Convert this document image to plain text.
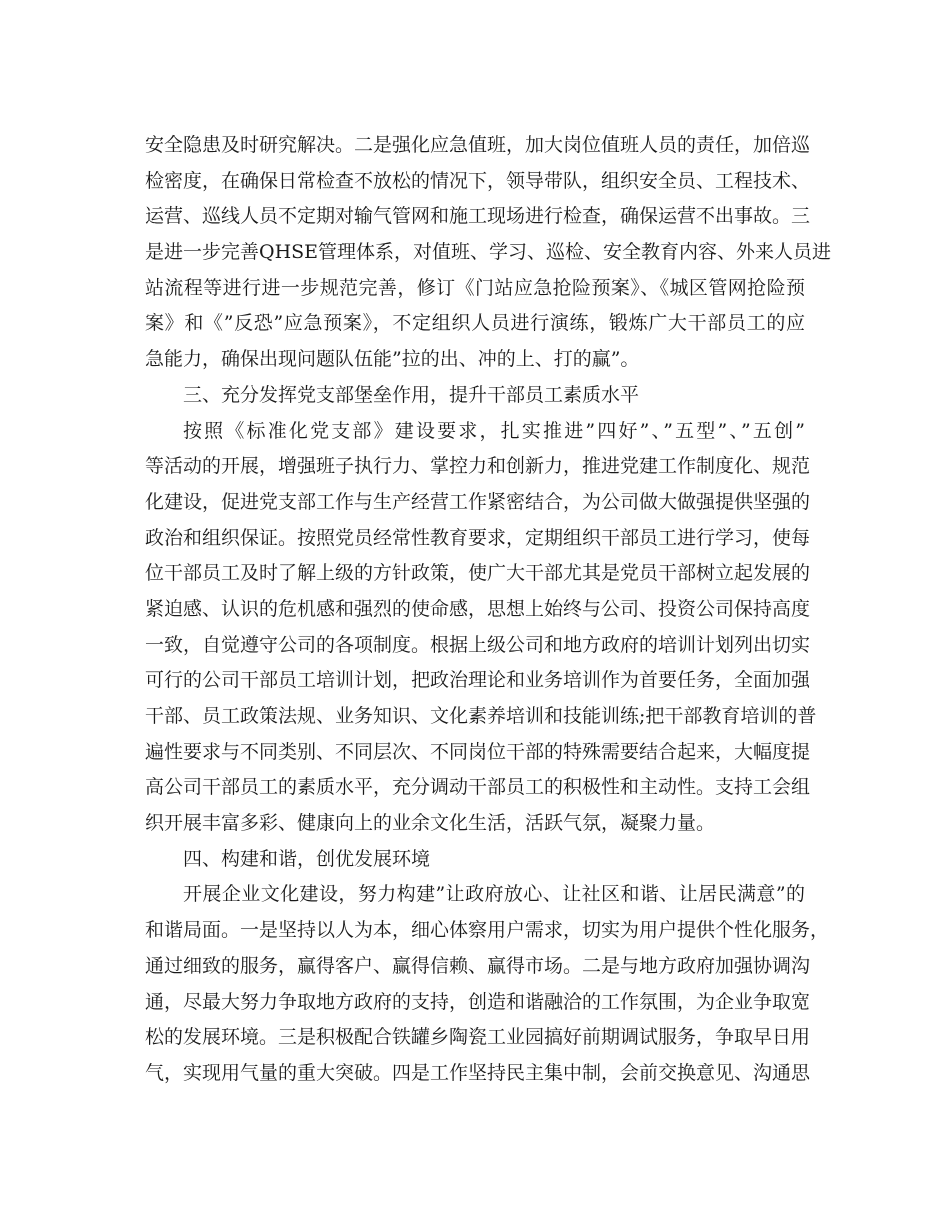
安全隐患及时研究解决。二是强化应急值班，加大岗位值班人员的责任，加倍巡
检密度，在确保日常检查不放松的情况下，领导带队，组织安全员、工程技术、
运营、巡线人员不定期对输气管网和施工现场进行检查，确保运营不出事故。三
是进一步完善QHSE管理体系，对值班、学习、巡检、安全教育内容、外来人员进
站流程等进行进一步规范完善，修订《门站应急抢险预案》、《城区管网抢险预
案》和《”反恐”应急预案》，不定组织人员进行演练，锻炼广大干部员工的应
急能力，确保出现问题队伍能”拉的出、冲的上、打的赢”。
三、充分发挥党支部堡垒作用，提升干部员工素质水平
按照《标准化党支部》建设要求，扎实推进”四好”、”五型”、”五创”
等活动的开展，增强班子执行力、掌控力和创新力，推进党建工作制度化、规范
化建设，促进党支部工作与生产经营工作紧密结合，为公司做大做强提供坚强的
政治和组织保证。按照党员经常性教育要求，定期组织干部员工进行学习，使每
位干部员工及时了解上级的方针政策，使广大干部尤其是党员干部树立起发展的
紧迫感、认识的危机感和强烈的使命感，思想上始终与公司、投资公司保持高度
一致，自觉遵守公司的各项制度。根据上级公司和地方政府的培训计划列出切实
可行的公司干部员工培训计划，把政治理论和业务培训作为首要任务，全面加强
干部、员工政策法规、业务知识、文化素养培训和技能训练;把干部教育培训的普
遍性要求与不同类别、不同层次、不同岗位干部的特殊需要结合起来，大幅度提
高公司干部员工的素质水平，充分调动干部员工的积极性和主动性。支持工会组
织开展丰富多彩、健康向上的业余文化生活，活跃气氛，凝聚力量。
四、构建和谐，创优发展环境
开展企业文化建设，努力构建”让政府放心、让社区和谐、让居民满意”的
和谐局面。一是坚持以人为本，细心体察用户需求，切实为用户提供个性化服务，
通过细致的服务，赢得客户、赢得信赖、赢得市场。二是与地方政府加强协调沟
通，尽最大努力争取地方政府的支持，创造和谐融洽的工作氛围，为企业争取宽
松的发展环境。三是积极配合铁罐乡陶瓷工业园搞好前期调试服务，争取早日用
气，实现用气量的重大突破。四是工作坚持民主集中制，会前交换意见、沟通思
